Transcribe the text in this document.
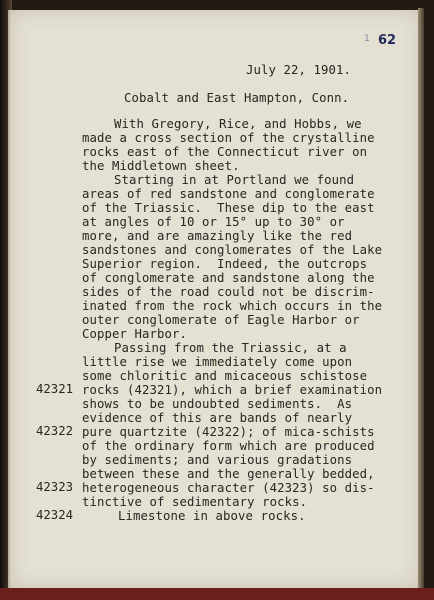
1 62
July 22, 1901.
Cobalt and East Hampton, Conn.
With Gregory, Rice, and Hobbs, we
made a cross section of the crystalline
rocks east of the Connecticut river on
the Middletown sheet.
Starting in at Portland we found
areas of red sandstone and conglomerate
of the Triassic.  These dip to the east
at angles of 10 or 15° up to 30° or
more, and are amazingly like the red
sandstones and conglomerates of the Lake
Superior region.  Indeed, the outcrops
of conglomerate and sandstone along the
sides of the road could not be discrim-
inated from the rock which occurs in the
outer conglomerate of Eagle Harbor or
Copper Harbor.
Passing from the Triassic, at a
little rise we immediately come upon
some chloritic and micaceous schistose
rocks (42321), which a brief examination
shows to be undoubted sediments.  As
evidence of this are bands of nearly
pure quartzite (42322); of mica-schists
of the ordinary form which are produced
by sediments; and various gradations
between these and the generally bedded,
heterogeneous character (42323) so dis-
tinctive of sedimentary rocks.
Limestone in above rocks.
42321
42322
42323
42324
